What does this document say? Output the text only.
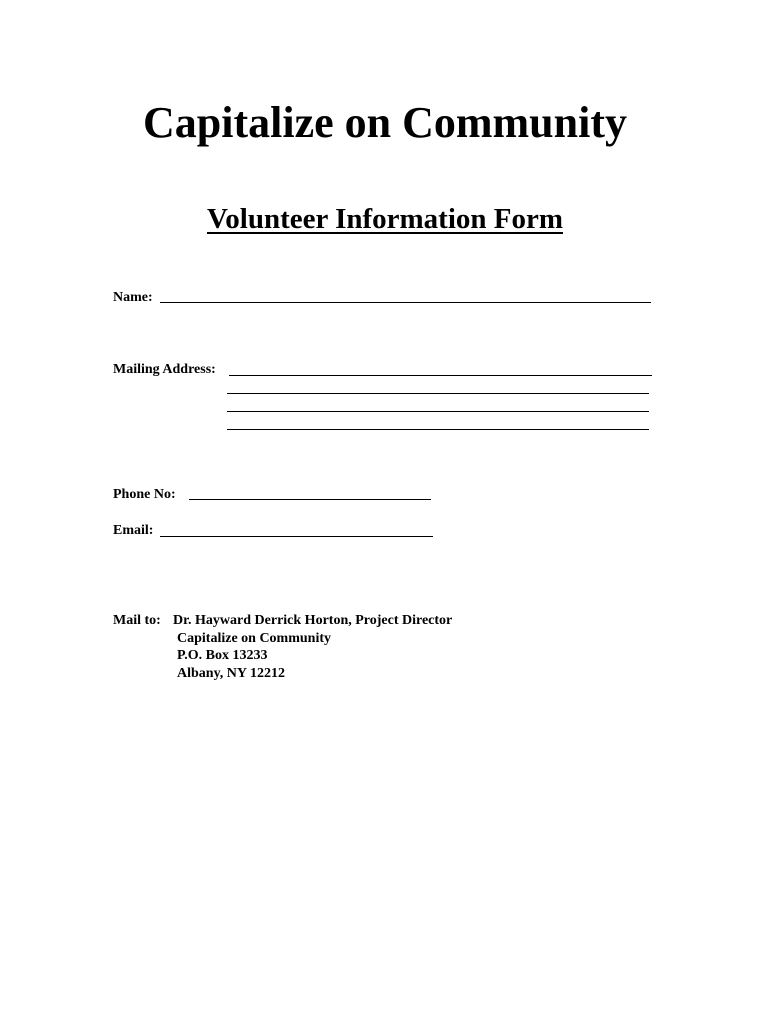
Capitalize on Community
Volunteer Information Form
Name:
Mailing Address:
Phone No:
Email:
Mail to: Dr. Hayward Derrick Horton, Project Director
Capitalize on Community
P.O. Box 13233
Albany, NY 12212
